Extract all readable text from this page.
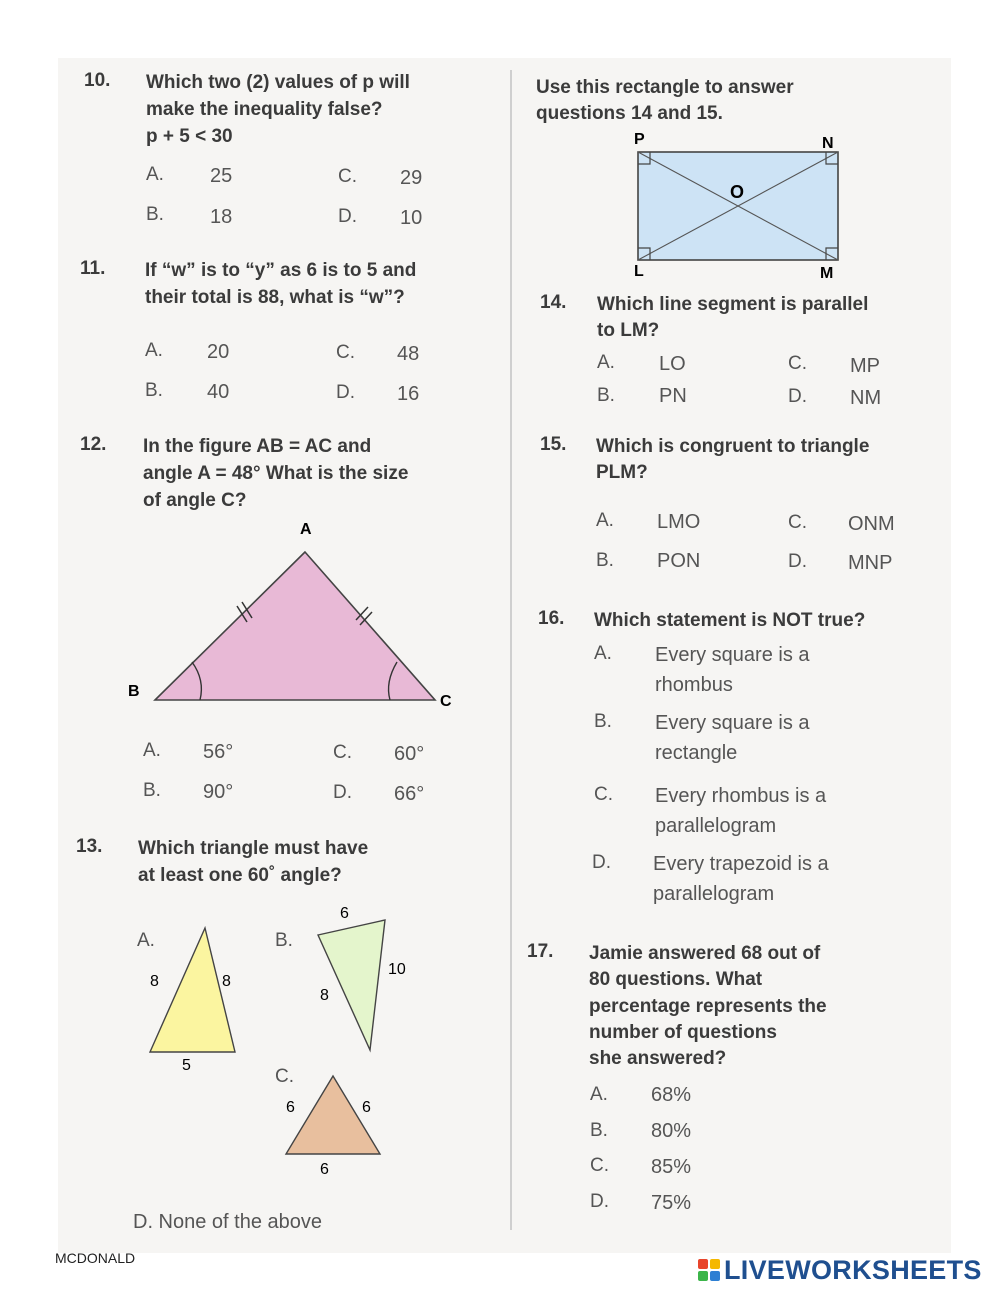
10. Which two (2) values of p will
make the inequality false?
p + 5 < 30
A. 25
B. 18
C. 29
D. 10
11. If “w” is to “y” as 6 is to 5 and
their total is 88, what is “w”?
A. 20
B. 40
C. 48
D. 16
12. In the figure AB = AC and
angle A = 48° What is the size
of angle C?
A
B
C
A. 56°
B. 90°
C. 60°
D. 66°
13. Which triangle must have
at least one 60˚ angle?
A.
8	8
5
B.
6
10
8
C.
6	6
6
D. None of the above
Use this rectangle to answer
questions 14 and 15.
P	N
L	M
O
14. Which line segment is parallel
to LM?
A. LO
B. PN
C. MP
D. NM
15. Which is congruent to triangle
PLM?
A. LMO
B. PON
C. ONM
D. MNP
16. Which statement is NOT true?
A. Every square is a
rhombus
B. Every square is a
rectangle
C. Every rhombus is a
parallelogram
D. Every trapezoid is a
parallelogram
17. Jamie answered 68 out of
80 questions. What
percentage represents the
number of questions
she answered?
A. 68%
B. 80%
C. 85%
D. 75%
MCDONALD	LIVEWORKSHEETS
